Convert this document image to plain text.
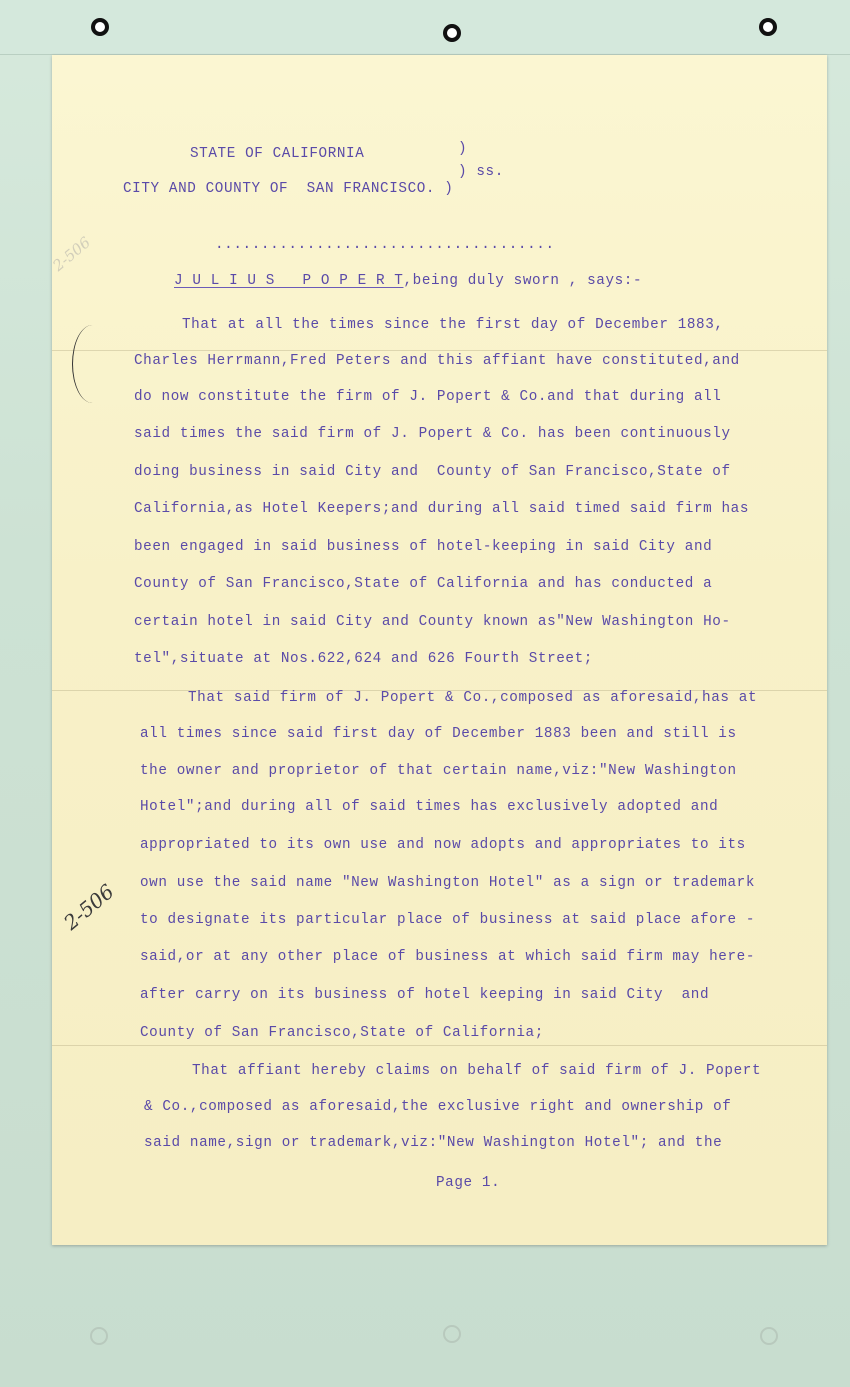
STATE OF CALIFORNIA	)
) ss.
CITY AND COUNTY OF  SAN FRANCISCO. )
.....................................
J U L I U S   P O P E R T,being duly sworn , says:-
That at all the times since the first day of December 1883,
Charles Herrmann,Fred Peters and this affiant have constituted,and
do now constitute the firm of J. Popert & Co.and that during all
said times the said firm of J. Popert & Co. has been continuously
doing business in said City and  County of San Francisco,State of
California,as Hotel Keepers;and during all said timed said firm has
been engaged in said business of hotel-keeping in said City and
County of San Francisco,State of California and has conducted a
certain hotel in said City and County known as"New Washington Ho-
tel",situate at Nos.622,624 and 626 Fourth Street;
That said firm of J. Popert & Co.,composed as aforesaid,has at
all times since said first day of December 1883 been and still is
the owner and proprietor of that certain name,viz:"New Washington
Hotel";and during all of said times has exclusively adopted and
appropriated to its own use and now adopts and appropriates to its
own use the said name "New Washington Hotel" as a sign or trademark
to designate its particular place of business at said place afore -
said,or at any other place of business at which said firm may here-
after carry on its business of hotel keeping in said City  and
County of San Francisco,State of California;
That affiant hereby claims on behalf of said firm of J. Popert
& Co.,composed as aforesaid,the exclusive right and ownership of
said name,sign or trademark,viz:"New Washington Hotel"; and the
Page 1.
2-506
2-506
